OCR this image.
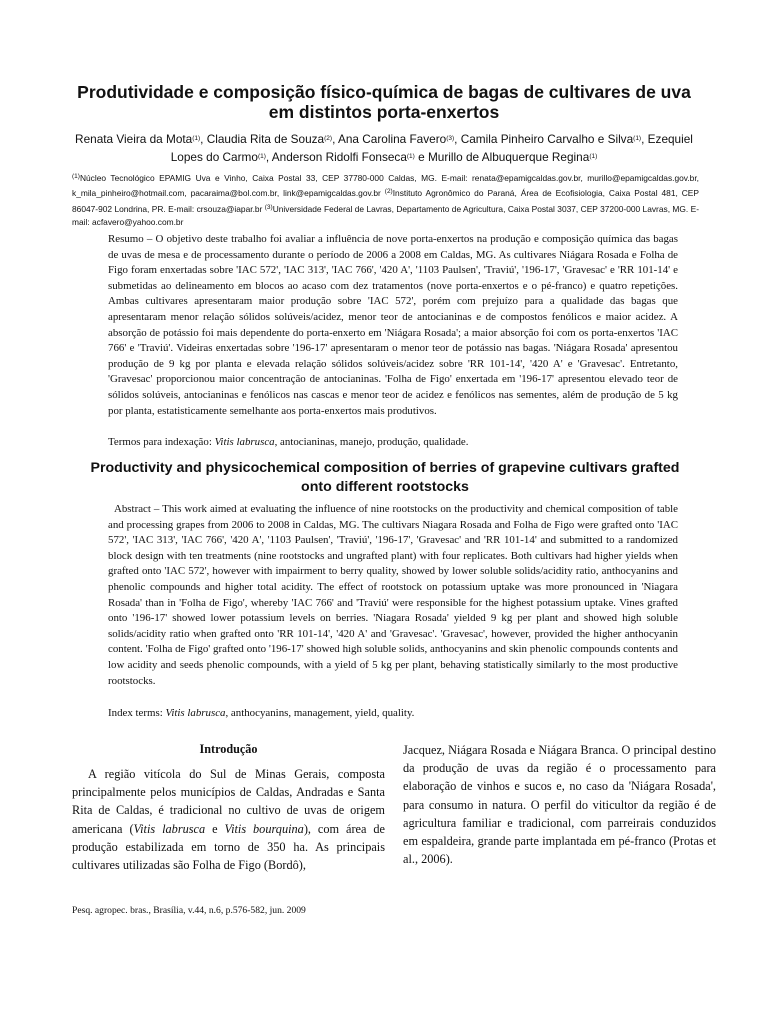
Produtividade e composição físico-química de bagas de cultivares de uva em distintos porta-enxertos

Renata Vieira da Mota$^{(1)}$, Claudia Rita de Souza$^{(2)}$, Ana Carolina Favero$^{(3)}$, Camila Pinheiro Carvalho e Silva$^{(1)}$, Ezequiel Lopes do Carmo$^{(1)}$, Anderson Ridolfi Fonseca$^{(1)}$ e Murillo de Albuquerque Regina$^{(1)}$

$^{(1)}$Núcleo Tecnológico EPAMIG Uva e Vinho, Caixa Postal 33, CEP 37780-000 Caldas, MG. E-mail: renata@epamigcaldas.gov.br, murillo@epamigcaldas.gov.br, k_mila_pinheiro@hotmail.com, pacaraima@bol.com.br, link@epamigcaldas.gov.br $^{(2)}$Instituto Agronômico do Paraná, Área de Ecofisiologia, Caixa Postal 481, CEP 86047-902 Londrina, PR. E-mail: crsouza@iapar.br $^{(3)}$Universidade Federal de Lavras, Departamento de Agricultura, Caixa Postal 3037, CEP 37200-000 Lavras, MG. E-mail: acfavero@yahoo.com.br

Resumo – O objetivo deste trabalho foi avaliar a influência de nove porta-enxertos na produção e composição química das bagas de uvas de mesa e de processamento durante o período de 2006 a 2008 em Caldas, MG. As cultivares Niágara Rosada e Folha de Figo foram enxertadas sobre 'IAC 572', 'IAC 313', 'IAC 766', '420 A', '1103 Paulsen', 'Traviú', '196-17', 'Gravesac' e 'RR 101-14' e submetidas ao delineamento em blocos ao acaso com dez tratamentos (nove porta-enxertos e o pé-franco) e quatro repetições. Ambas cultivares apresentaram maior produção sobre 'IAC 572', porém com prejuízo para a qualidade das bagas que apresentaram menor relação sólidos solúveis/acidez, menor teor de antocianinas e de compostos fenólicos e maior acidez. A absorção de potássio foi mais dependente do porta-enxerto em 'Niágara Rosada'; a maior absorção foi com os porta-enxertos 'IAC 766' e 'Traviú'. Videiras enxertadas sobre '196-17' apresentaram o menor teor de potássio nas bagas. 'Niágara Rosada' apresentou produção de 9 kg por planta e elevada relação sólidos solúveis/acidez sobre 'RR 101-14', '420 A' e 'Gravesac'. Entretanto, 'Gravesac' proporcionou maior concentração de antocianinas. 'Folha de Figo' enxertada em '196-17' apresentou elevado teor de sólidos solúveis, antocianinas e fenólicos nas cascas e menor teor de acidez e fenólicos nas sementes, além de produção de 5 kg por planta, estatisticamente semelhante aos porta-enxertos mais produtivos.

Termos para indexação: Vitis labrusca, antocianinas, manejo, produção, qualidade.

Productivity and physicochemical composition of berries of grapevine cultivars grafted onto different rootstocks

Abstract – This work aimed at evaluating the influence of nine rootstocks on the productivity and chemical composition of table and processing grapes from 2006 to 2008 in Caldas, MG. The cultivars Niagara Rosada and Folha de Figo were grafted onto 'IAC 572', 'IAC 313', 'IAC 766', '420 A', '1103 Paulsen', 'Traviú', '196-17', 'Gravesac' and 'RR 101-14' and submitted to a randomized block design with ten treatments (nine rootstocks and ungrafted plant) with four replicates. Both cultivars had higher yields when grafted onto 'IAC 572', however with impairment to berry quality, showed by lower soluble solids/acidity ratio, anthocyanins and phenolic compounds and higher total acidity. The effect of rootstock on potassium uptake was more pronounced in 'Niagara Rosada' than in 'Folha de Figo', whereby 'IAC 766' and 'Traviú' were responsible for the highest potassium uptake. Vines grafted onto '196-17' showed lower potassium levels on berries. 'Niagara Rosada' yielded 9 kg per plant and showed high soluble solids/acidity ratio when grafted onto 'RR 101-14', '420 A' and 'Gravesac'. 'Gravesac', however, provided the higher anthocyanin content. 'Folha de Figo' grafted onto '196-17' showed high soluble solids, anthocyanins and skin phenolic compounds contents and low acidity and seeds phenolic compounds, with a yield of 5 kg per plant, behaving statistically similarly to the most productive rootstocks.

Index terms: Vitis labrusca, anthocyanins, management, yield, quality.

Introdução

A região vitícola do Sul de Minas Gerais, composta principalmente pelos municípios de Caldas, Andradas e Santa Rita de Caldas, é tradicional no cultivo de uvas de origem americana (Vitis labrusca e Vitis bourquina), com área de produção estabilizada em torno de 350 ha. As principais cultivares utilizadas são Folha de Figo (Bordô),

Jacquez, Niágara Rosada e Niágara Branca. O principal destino da produção de uvas da região é o processamento para elaboração de vinhos e sucos e, no caso da 'Niágara Rosada', para consumo in natura. O perfil do viticultor da região é de agricultura familiar e tradicional, com parreirais conduzidos em espaldeira, grande parte implantada em pé-franco (Protas et al., 2006).

Pesq. agropec. bras., Brasília, v.44, n.6, p.576-582, jun. 2009
